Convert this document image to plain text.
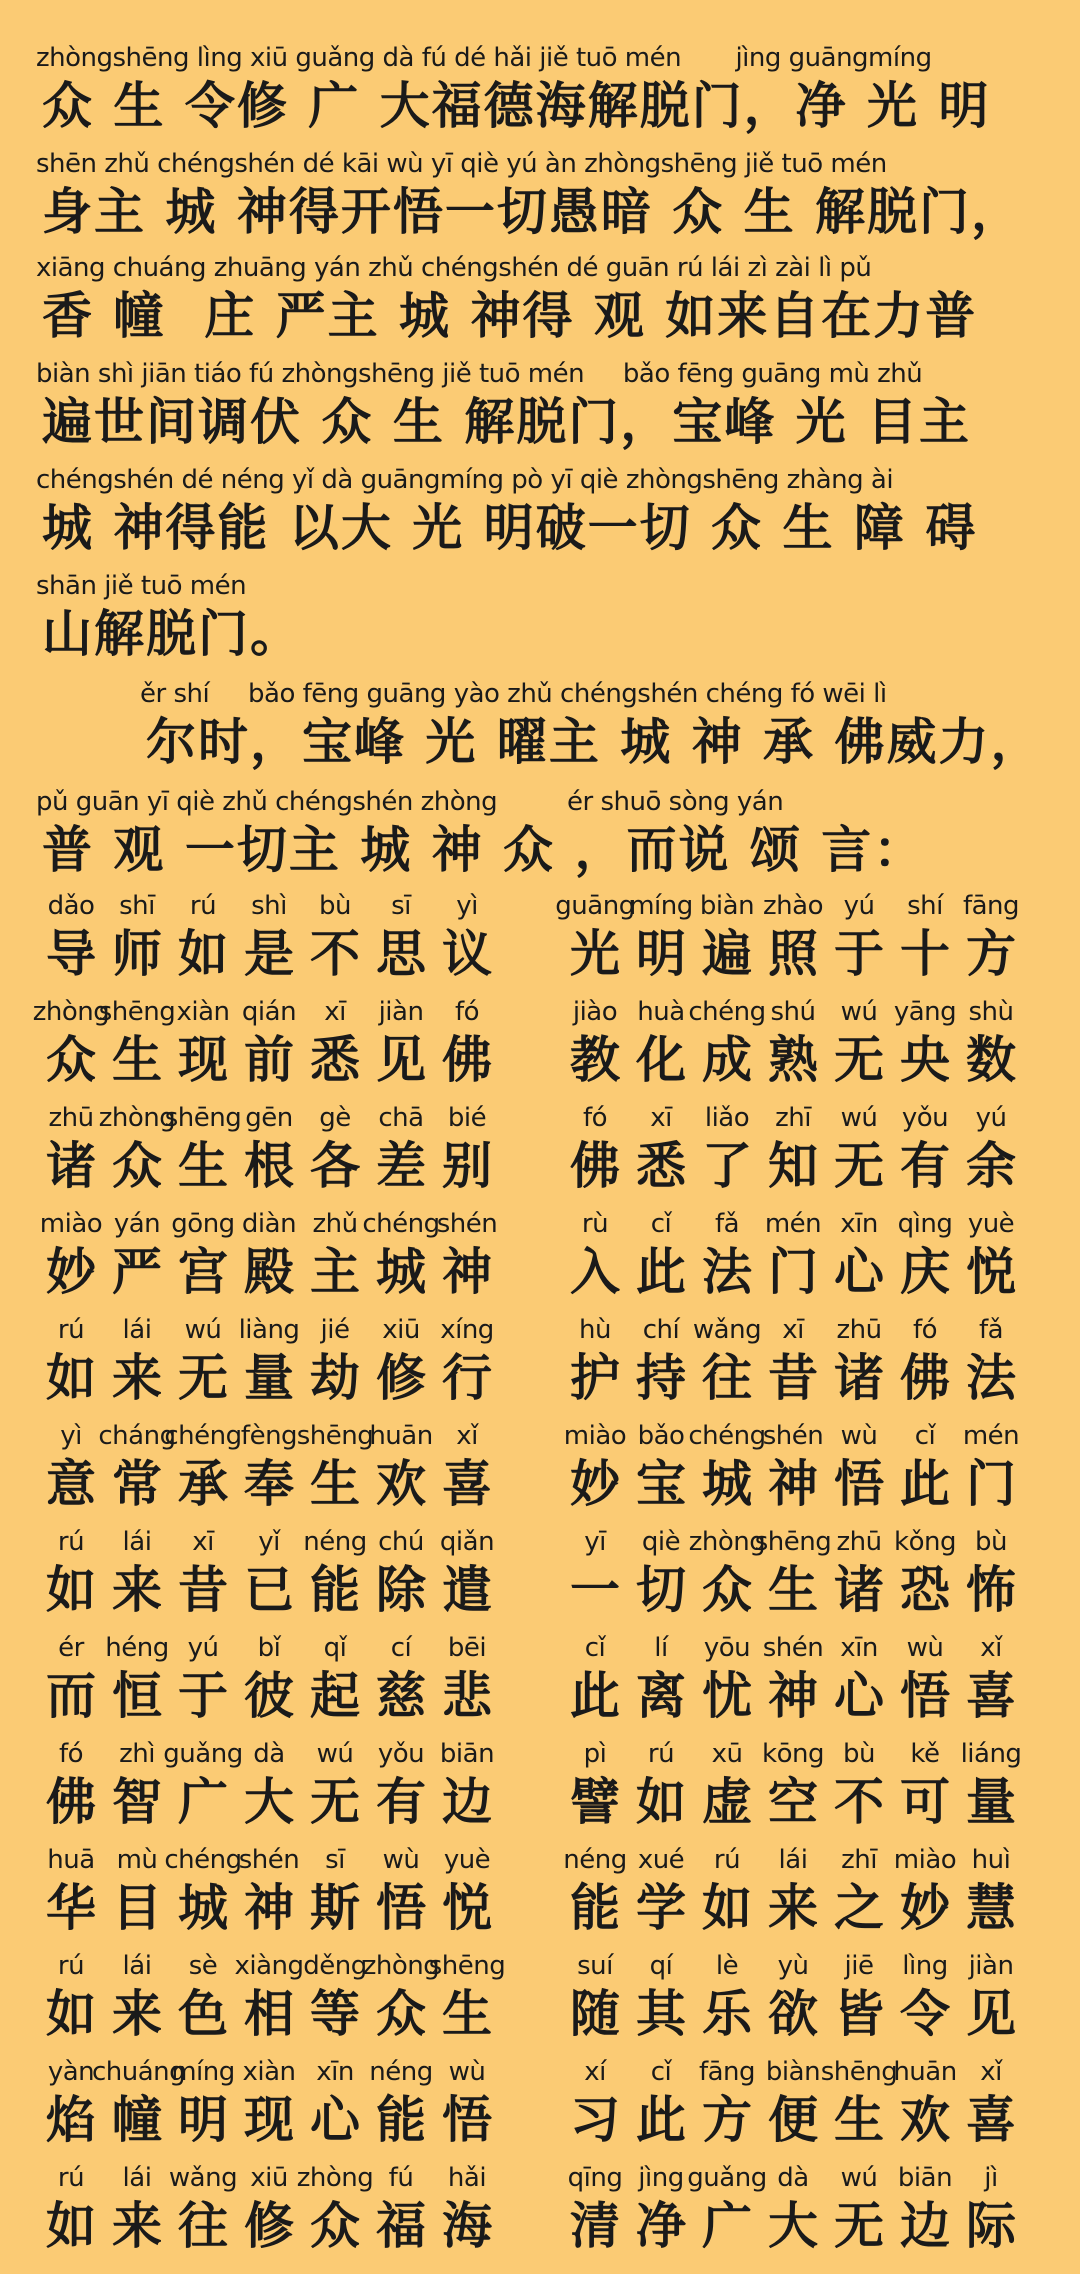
zhòngshēng lìng xiū guǎng dà fú dé hǎi jiě tuō mén       jìng guāngmíng
众 生 令修 广 大福德海解脱门，净 光 明
shēn zhǔ chéngshén dé kāi wù yī qiè yú àn zhòngshēng jiě tuō mén
身主 城 神得开悟一切愚暗 众 生 解脱门，
xiāng chuáng zhuāng yán zhǔ chéngshén dé guān rú lái zì zài lì pǔ
香 幢  庄 严主 城 神得 观 如来自在力普
biàn shì jiān tiáo fú zhòngshēng jiě tuō mén     bǎo fēng guāng mù zhǔ
遍世间调伏 众 生 解脱门，宝峰 光 目主
chéngshén dé néng yǐ dà guāngmíng pò yī qiè zhòngshēng zhàng ài
城 神得能 以大 光 明破一切 众 生 障 碍
shān jiě tuō mén
山解脱门。
ěr shí     bǎo fēng guāng yào zhǔ chéngshén chéng fó wēi lì
尔时，宝峰 光 曜主 城 神 承 佛威力，
pǔ guān yī qiè zhǔ chéngshén zhòng         ér shuō sòng yán
普 观 一切主 城 神 众 ，而说 颂 言：
dǎo
导
shī
师
rú
如
shì
是
bù
不
sī
思
yì
议
guāng
光
míng
明
biàn
遍
zhào
照
yú
于
shí
十
fāng
方
zhòng
众
shēng
生
xiàn
现
qián
前
xī
悉
jiàn
见
fó
佛
jiào
教
huà
化
chéng
成
shú
熟
wú
无
yāng
央
shù
数
zhū
诸
zhòng
众
shēng
生
gēn
根
gè
各
chā
差
bié
别
fó
佛
xī
悉
liǎo
了
zhī
知
wú
无
yǒu
有
yú
余
miào
妙
yán
严
gōng
宫
diàn
殿
zhǔ
主
chéng
城
shén
神
rù
入
cǐ
此
fǎ
法
mén
门
xīn
心
qìng
庆
yuè
悦
rú
如
lái
来
wú
无
liàng
量
jié
劫
xiū
修
xíng
行
hù
护
chí
持
wǎng
往
xī
昔
zhū
诸
fó
佛
fǎ
法
yì
意
cháng
常
chéng
承
fèng
奉
shēng
生
huān
欢
xǐ
喜
miào
妙
bǎo
宝
chéng
城
shén
神
wù
悟
cǐ
此
mén
门
rú
如
lái
来
xī
昔
yǐ
已
néng
能
chú
除
qiǎn
遣
yī
一
qiè
切
zhòng
众
shēng
生
zhū
诸
kǒng
恐
bù
怖
ér
而
héng
恒
yú
于
bǐ
彼
qǐ
起
cí
慈
bēi
悲
cǐ
此
lí
离
yōu
忧
shén
神
xīn
心
wù
悟
xǐ
喜
fó
佛
zhì
智
guǎng
广
dà
大
wú
无
yǒu
有
biān
边
pì
譬
rú
如
xū
虚
kōng
空
bù
不
kě
可
liáng
量
huā
华
mù
目
chéng
城
shén
神
sī
斯
wù
悟
yuè
悦
néng
能
xué
学
rú
如
lái
来
zhī
之
miào
妙
huì
慧
rú
如
lái
来
sè
色
xiàng
相
děng
等
zhòng
众
shēng
生
suí
随
qí
其
lè
乐
yù
欲
jiē
皆
lìng
令
jiàn
见
yàn
焰
chuáng
幢
míng
明
xiàn
现
xīn
心
néng
能
wù
悟
xí
习
cǐ
此
fāng
方
biàn
便
shēng
生
huān
欢
xǐ
喜
rú
如
lái
来
wǎng
往
xiū
修
zhòng
众
fú
福
hǎi
海
qīng
清
jìng
净
guǎng
广
dà
大
wú
无
biān
边
jì
际
